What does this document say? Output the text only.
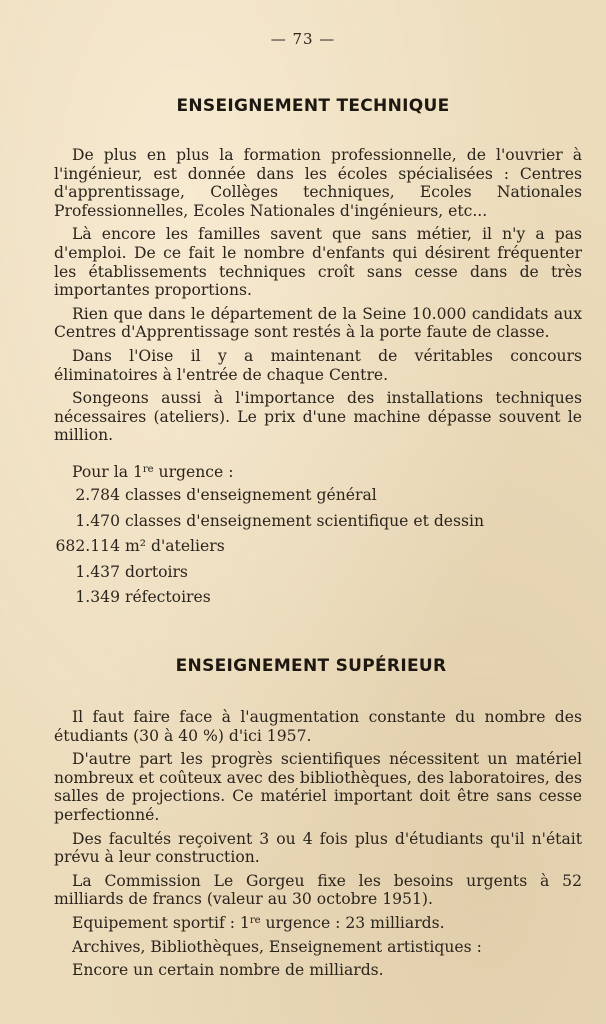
— 73 —
ENSEIGNEMENT TECHNIQUE

De plus en plus la formation professionnelle, de l'ouvrier à l'ingénieur, est donnée dans les écoles spécialisées : Centres d'apprentissage, Collèges techniques, Ecoles Nationales Professionnelles, Ecoles Nationales d'ingénieurs, etc...

Là encore les familles savent que sans métier, il n'y a pas d'emploi. De ce fait le nombre d'enfants qui désirent fréquenter les établissements techniques croît sans cesse dans de très importantes proportions.

Rien que dans le département de la Seine 10.000 candidats aux Centres d'Apprentissage sont restés à la porte faute de classe.

Dans l'Oise il y a maintenant de véritables concours éliminatoires à l'entrée de chaque Centre.

Songeons aussi à l'importance des installations techniques nécessaires (ateliers). Le prix d'une machine dépasse souvent le million.

Pour la 1re urgence :
2.784 classes d'enseignement général
1.470 classes d'enseignement scientifique et dessin
682.114 m² d'ateliers
1.437 dortoirs
1.349 réfectoires
ENSEIGNEMENT SUPÉRIEUR

Il faut faire face à l'augmentation constante du nombre des étudiants (30 à 40 %) d'ici 1957.

D'autre part les progrès scientifiques nécessitent un matériel nombreux et coûteux avec des bibliothèques, des laboratoires, des salles de projections. Ce matériel important doit être sans cesse perfectionné.

Des facultés reçoivent 3 ou 4 fois plus d'étudiants qu'il n'était prévu à leur construction.

La Commission Le Gorgeu fixe les besoins urgents à 52 milliards de francs (valeur au 30 octobre 1951).

Equipement sportif : 1re urgence : 23 milliards.

Archives, Bibliothèques, Enseignement artistiques :

Encore un certain nombre de milliards.
